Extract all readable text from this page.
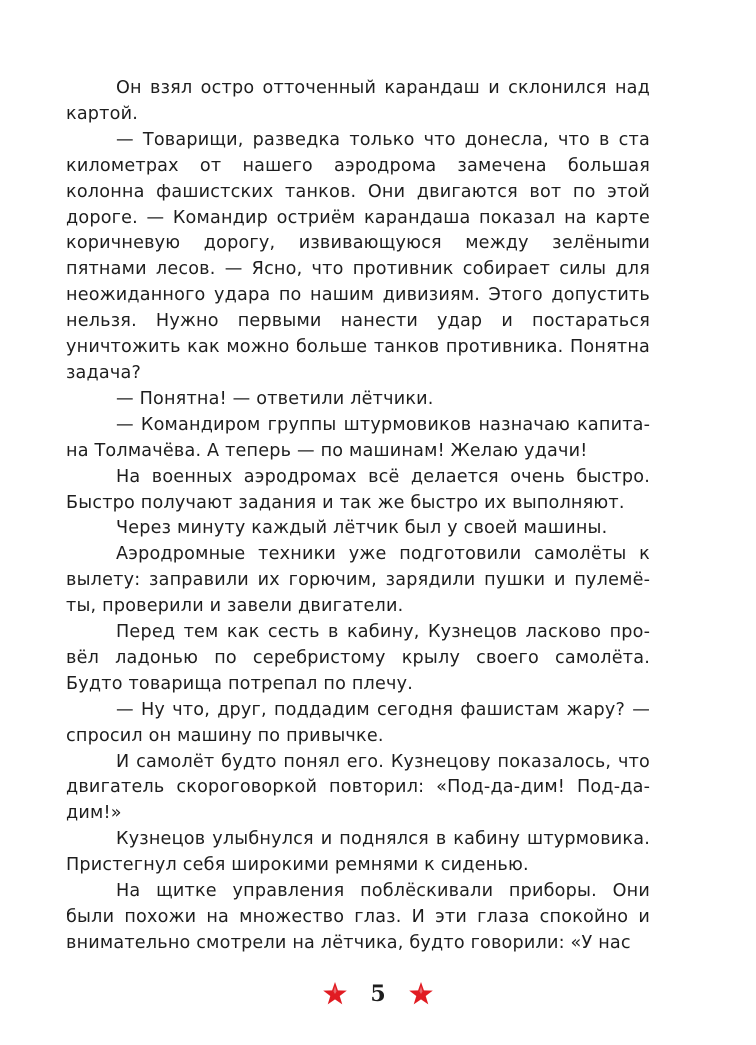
Он взял остро отточенный карандаш и склонился над картой.

— Товарищи, разведка только что донесла, что в ста километрах от нашего аэродрома замечена большая колонна фашистских танков. Они двигаются вот по этой дороге. — Командир остриём карандаша показал на карте коричневую дорогу, извивающуюся между зелёныmи пятнами лесов. — Ясно, что противник собирает силы для неожиданного удара по нашим дивизиям. Этого допустить нельзя. Нужно первыми нанести удар и постараться уничтожить как можно больше танков противника. Понятна задача?

— Понятна! — ответили лётчики.

— Командиром группы штурмовиков назначаю капитана Толмачёва. А теперь — по машинам! Желаю удачи!

На военных аэродромах всё делается очень быстро. Быстро получают задания и так же быстро их выполняют.

Через минуту каждый лётчик был у своей машины.

Аэродромные техники уже подготовили самолёты к вылету: заправили их горючим, зарядили пушки и пулемёты, проверили и завели двигатели.

Перед тем как сесть в кабину, Кузнецов ласково провёл ладонью по серебристому крылу своего самолёта. Будто товарища потрепал по плечу.

— Ну что, друг, поддадим сегодня фашистам жару? — спросил он машину по привычке.

И самолёт будто понял его. Кузнецову показалось, что двигатель скороговоркой повторил: «Под-да-дим! Под-дадим!»

Кузнецов улыбнулся и поднялся в кабину штурмовика. Пристегнул себя широкими ремнями к сиденью.

На щитке управления поблёскивали приборы. Они были похожи на множество глаз. И эти глаза спокойно и внимательно смотрели на лётчика, будто говорили: «У нас

5
